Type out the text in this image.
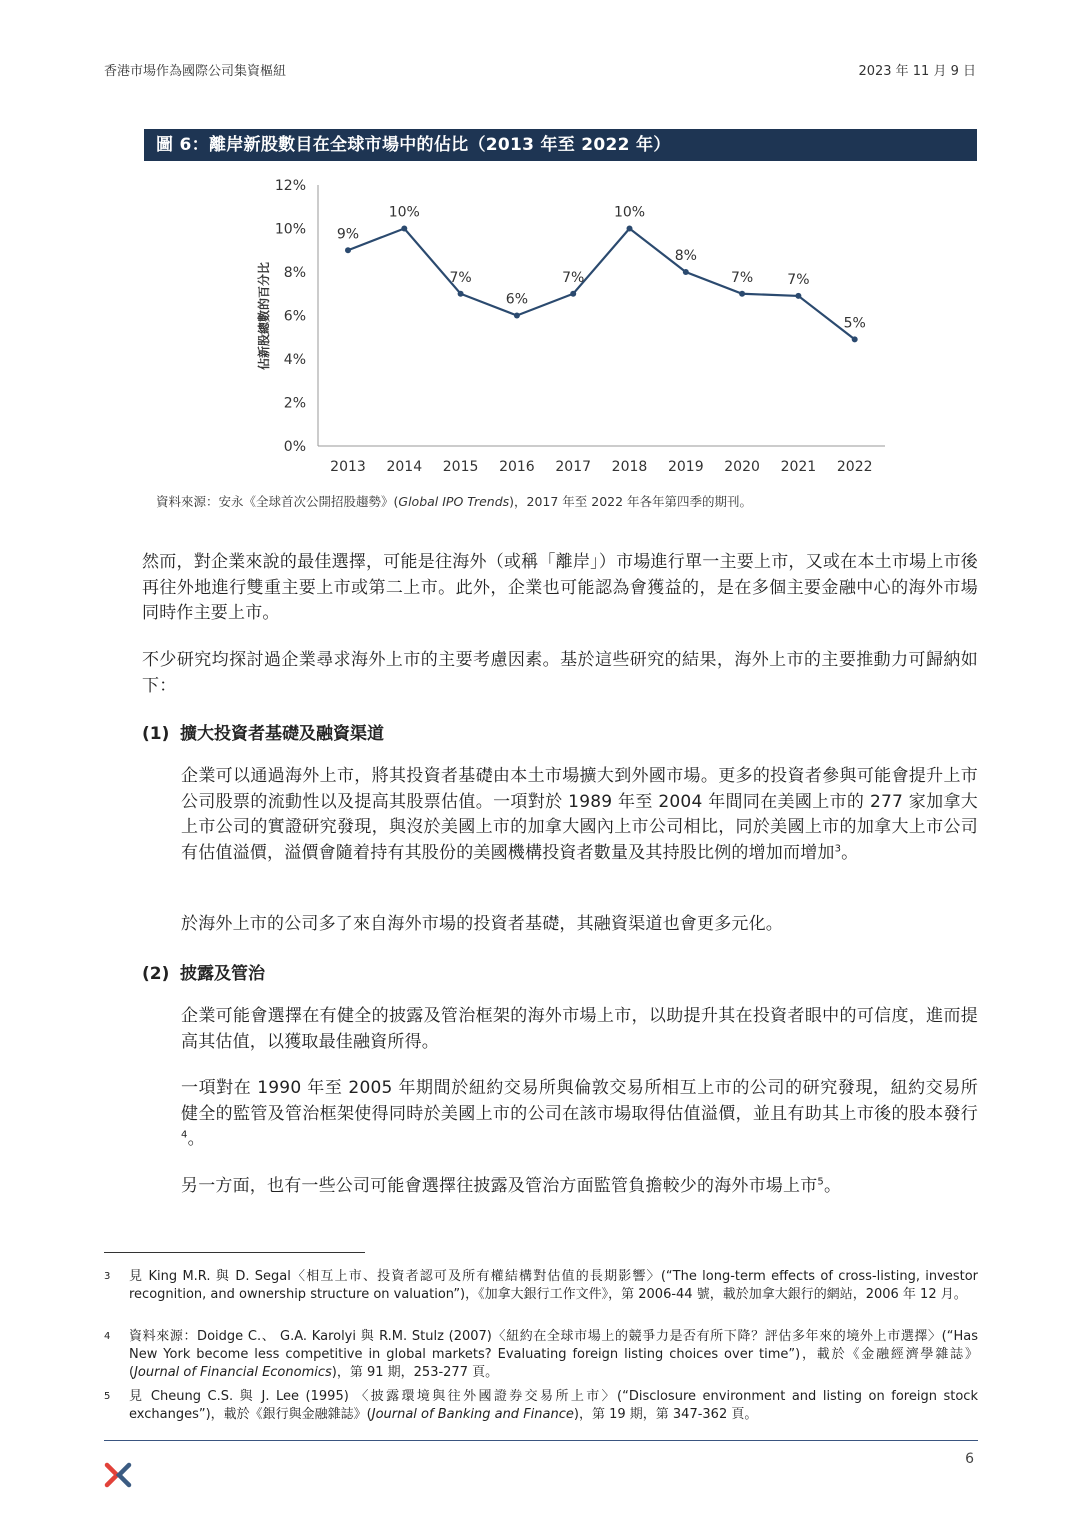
香港市場作為國際公司集資樞紐	2023 年 11 月 9 日
圖 6：離岸新股數目在全球市場中的佔比（2013 年至 2022 年）
0%
2%
4%
6%
8%
10%
12%
2013 2014 2015 2016 2017 2018 2019 2020 2021 2022
佔新股總數的百分比
9%
10%
7%
6%
7%
10%
8%
7% 7%
5%
資料來源：安永《全球首次公開招股趨勢》(Global IPO Trends)，2017 年至 2022 年各年第四季的期刊。
然而，對企業來說的最佳選擇，可能是往海外（或稱「離岸」）市場進行單一主要上市，又或在本土市場上市後再往外地進行雙重主要上市或第二上市。此外，企業也可能認為會獲益的，是在多個主要金融中心的海外市場同時作主要上市。
不少研究均探討過企業尋求海外上市的主要考慮因素。基於這些研究的結果，海外上市的主要推動力可歸納如下：
(1) 擴大投資者基礎及融資渠道
企業可以通過海外上市，將其投資者基礎由本土市場擴大到外國市場。更多的投資者參與可能會提升上市公司股票的流動性以及提高其股票估值。一項對於 1989 年至 2004 年間同在美國上市的 277 家加拿大上市公司的實證研究發現，與沒於美國上市的加拿大國內上市公司相比，同於美國上市的加拿大上市公司有估值溢價，溢價會隨着持有其股份的美國機構投資者數量及其持股比例的增加而增加$^3$。
於海外上市的公司多了來自海外市場的投資者基礎，其融資渠道也會更多元化。
(2) 披露及管治
企業可能會選擇在有健全的披露及管治框架的海外市場上市，以助提升其在投資者眼中的可信度，進而提高其估值，以獲取最佳融資所得。
一項對在 1990 年至 2005 年期間於紐約交易所與倫敦交易所相互上市的公司的研究發現，紐約交易所健全的監管及管治框架使得同時於美國上市的公司在該市場取得估值溢價，並且有助其上市後的股本發行$^4$。
另一方面，也有一些公司可能會選擇往披露及管治方面監管負擔較少的海外市場上市$^5$。
3 見 King M.R. 與 D. Segal〈相互上市、投資者認可及所有權結構對估值的長期影響〉(“The long-term effects of cross-listing, investor recognition, and ownership structure on valuation”)，《加拿大銀行工作文件》，第 2006-44 號，載於加拿大銀行的網站，2006 年 12 月。
4 資料來源：Doidge C.、 G.A. Karolyi 與 R.M. Stulz (2007)〈紐約在全球市場上的競爭力是否有所下降？評估多年來的境外上市選擇〉(“Has New York become less competitive in global markets? Evaluating foreign listing choices over time”)，載於《金融經濟學雜誌》(Journal of Financial Economics)，第 91 期，253-277 頁。
5 見 Cheung C.S. 與 J. Lee (1995) 〈披露環境與往外國證券交易所上市〉(“Disclosure environment and listing on foreign stock exchanges”)，載於《銀行與金融雜誌》(Journal of Banking and Finance)，第 19 期，第 347-362 頁。
6
